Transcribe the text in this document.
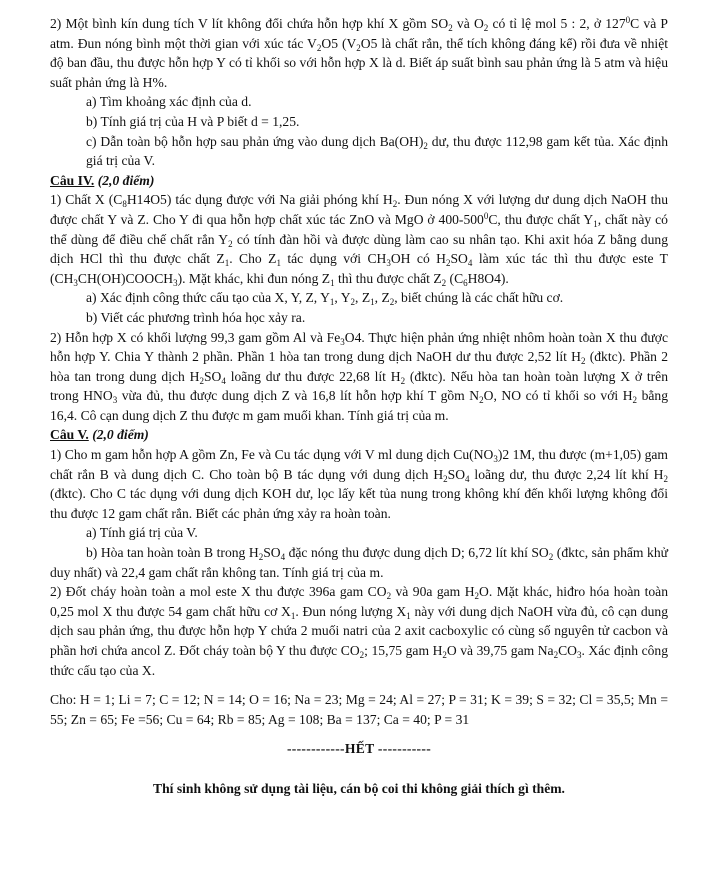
2) Một bình kín dung tích V lít không đổi chứa hỗn hợp khí X gồm $SO_2$ và $O_2$ có tỉ lệ mol 5 : 2, ở $127^0C$ và P atm. Đun nóng bình một thời gian với xúc tác $V_2O5$ ($V_2O5$ là chất rắn, thể tích không đáng kể) rồi đưa về nhiệt độ ban đầu, thu được hỗn hợp Y có tỉ khối so với hỗn hợp X là d. Biết áp suất bình sau phản ứng là 5 atm và hiệu suất phản ứng là H%.

a) Tìm khoảng xác định của d.

b) Tính giá trị của H và P biết d = 1,25.

c) Dẫn toàn bộ hỗn hợp sau phản ứng vào dung dịch $Ba(OH)_2$ dư, thu được 112,98 gam kết tủa. Xác định giá trị của V.

Câu IV. (2,0 điểm)

1) Chất X $(C_8H14O5)$ tác dụng được với Na giải phóng khí $H_2$. Đun nóng X với lượng dư dung dịch NaOH thu được chất Y và Z. Cho Y đi qua hỗn hợp chất xúc tác ZnO và MgO ở $400-500^0C$, thu được chất $Y_1$, chất này có thể dùng để điều chế chất rắn $Y_2$ có tính đàn hồi và được dùng làm cao su nhân tạo. Khi axit hóa Z bằng dung dịch HCl thì thu được chất $Z_1$. Cho $Z_1$ tác dụng với $CH_3OH$ có $H_2SO_4$ làm xúc tác thì thu được este T $(CH_3CH(OH)COOCH_3)$. Mặt khác, khi đun nóng $Z_1$ thì thu được chất $Z_2$ $(C_6H8O4)$.

a) Xác định công thức cấu tạo của X, Y, Z, $Y_1$, $Y_2$, $Z_1$, $Z_2$, biết chúng là các chất hữu cơ.

b) Viết các phương trình hóa học xảy ra.

2) Hỗn hợp X có khối lượng 99,3 gam gồm Al và $Fe_3O4$. Thực hiện phản ứng nhiệt nhôm hoàn toàn X thu được hỗn hợp Y. Chia Y thành 2 phần. Phần 1 hòa tan trong dung dịch NaOH dư thu được 2,52 lít $H_2$ (đktc). Phần 2 hòa tan trong dung dịch $H_2SO_4$ loãng dư thu được 22,68 lít $H_2$ (đktc). Nếu hòa tan hoàn toàn lượng X ở trên trong $HNO_3$ vừa đủ, thu được dung dịch Z và 16,8 lít hỗn hợp khí T gồm $N_2O$, NO có tỉ khối so với $H_2$ bằng 16,4. Cô cạn dung dịch Z thu được m gam muối khan. Tính giá trị của m.

Câu V. (2,0 điểm)

1) Cho m gam hỗn hợp A gồm Zn, Fe và Cu tác dụng với V ml dung dịch $Cu(NO_3)2$ 1M, thu được (m+1,05) gam chất rắn B và dung dịch C. Cho toàn bộ B tác dụng với dung dịch $H_2SO_4$ loãng dư, thu được 2,24 lít khí $H_2$ (đktc). Cho C tác dụng với dung dịch KOH dư, lọc lấy kết tủa nung trong không khí đến khối lượng không đổi thu được 12 gam chất rắn. Biết các phản ứng xảy ra hoàn toàn.

a) Tính giá trị của V.

b) Hòa tan hoàn toàn B trong $H_2SO_4$ đặc nóng thu được dung dịch D; 6,72 lít khí $SO_2$ (đktc, sản phẩm khử duy nhất) và 22,4 gam chất rắn không tan. Tính giá trị của m.

2) Đốt cháy hoàn toàn a mol este X thu được 396a gam $CO_2$ và 90a gam $H_2O$. Mặt khác, hiđro hóa hoàn toàn 0,25 mol X thu được 54 gam chất hữu cơ $X_1$. Đun nóng lượng $X_1$ này với dung dịch NaOH vừa đủ, cô cạn dung dịch sau phản ứng, thu được hỗn hợp Y chứa 2 muối natri của 2 axit cacboxylic có cùng số nguyên tử cacbon và phần hơi chứa ancol Z. Đốt cháy toàn bộ Y thu được $CO_2$; 15,75 gam $H_2O$ và 39,75 gam $Na_2CO_3$. Xác định công thức cấu tạo của X.

Cho: H = 1; Li = 7; C = 12; N = 14; O = 16; Na = 23; Mg = 24; Al = 27; P = 31; K = 39; S = 32; Cl = 35,5; Mn = 55; Zn = 65; Fe =56; Cu = 64; Rb = 85; Ag = 108; Ba = 137; Ca = 40; P = 31

------------HẾT -----------

Thí sinh không sử dụng tài liệu, cán bộ coi thi không giải thích gì thêm.
